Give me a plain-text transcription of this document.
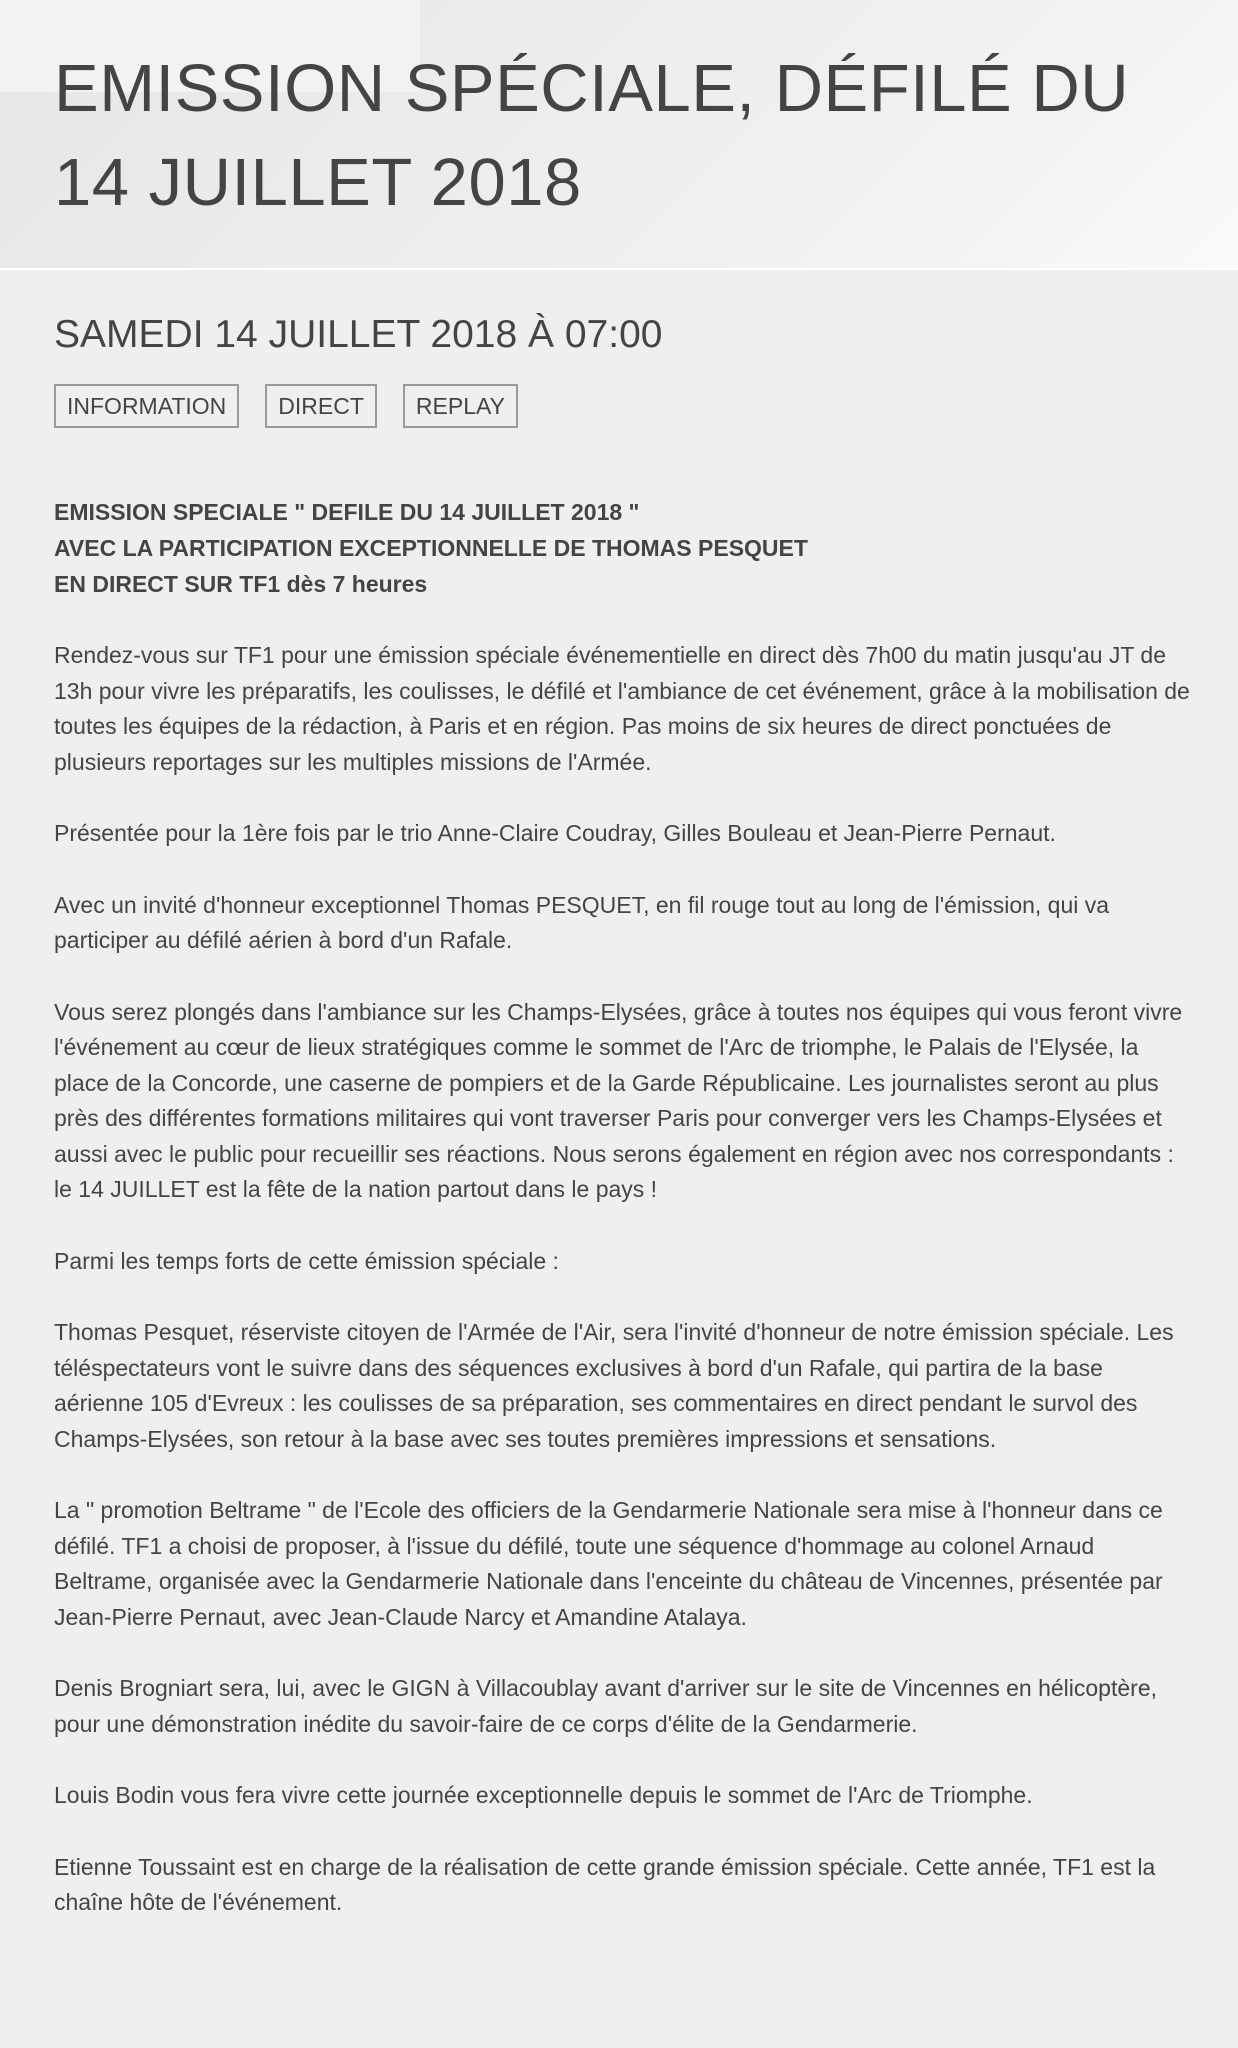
EMISSION SPÉCIALE, DÉFILÉ DU
14 JUILLET 2018
SAMEDI 14 JUILLET 2018 À 07:00
INFORMATION	DIRECT	REPLAY
EMISSION SPECIALE " DEFILE DU 14 JUILLET 2018 "
AVEC LA PARTICIPATION EXCEPTIONNELLE DE THOMAS PESQUET
EN DIRECT SUR TF1 dès 7 heures

Rendez-vous sur TF1 pour une émission spéciale événementielle en direct dès 7h00 du matin jusqu'au JT de 13h pour vivre les préparatifs, les coulisses, le défilé et l'ambiance de cet événement, grâce à la mobilisation de toutes les équipes de la rédaction, à Paris et en région. Pas moins de six heures de direct ponctuées de plusieurs reportages sur les multiples missions de l'Armée.

Présentée pour la 1ère fois par le trio Anne-Claire Coudray, Gilles Bouleau et Jean-Pierre Pernaut.

Avec un invité d'honneur exceptionnel Thomas PESQUET, en fil rouge tout au long de l'émission, qui va participer au défilé aérien à bord d'un Rafale.

Vous serez plongés dans l'ambiance sur les Champs-Elysées, grâce à toutes nos équipes qui vous feront vivre l'événement au cœur de lieux stratégiques comme le sommet de l'Arc de triomphe, le Palais de l'Elysée, la place de la Concorde, une caserne de pompiers et de la Garde Républicaine. Les journalistes seront au plus près des différentes formations militaires qui vont traverser Paris pour converger vers les Champs-Elysées et aussi avec le public pour recueillir ses réactions. Nous serons également en région avec nos correspondants : le 14 JUILLET est la fête de la nation partout dans le pays !

Parmi les temps forts de cette émission spéciale :

Thomas Pesquet, réserviste citoyen de l'Armée de l'Air, sera l'invité d'honneur de notre émission spéciale. Les téléspectateurs vont le suivre dans des séquences exclusives à bord d'un Rafale, qui partira de la base aérienne 105 d'Evreux : les coulisses de sa préparation, ses commentaires en direct pendant le survol des Champs-Elysées, son retour à la base avec ses toutes premières impressions et sensations.

La " promotion Beltrame " de l'Ecole des officiers de la Gendarmerie Nationale sera mise à l'honneur dans ce défilé. TF1 a choisi de proposer, à l'issue du défilé, toute une séquence d'hommage au colonel Arnaud Beltrame, organisée avec la Gendarmerie Nationale dans l'enceinte du château de Vincennes, présentée par Jean-Pierre Pernaut, avec Jean-Claude Narcy et Amandine Atalaya.

Denis Brogniart sera, lui, avec le GIGN à Villacoublay avant d'arriver sur le site de Vincennes en hélicoptère, pour une démonstration inédite du savoir-faire de ce corps d'élite de la Gendarmerie.

Louis Bodin vous fera vivre cette journée exceptionnelle depuis le sommet de l'Arc de Triomphe.

Etienne Toussaint est en charge de la réalisation de cette grande émission spéciale. Cette année, TF1 est la chaîne hôte de l'événement.
